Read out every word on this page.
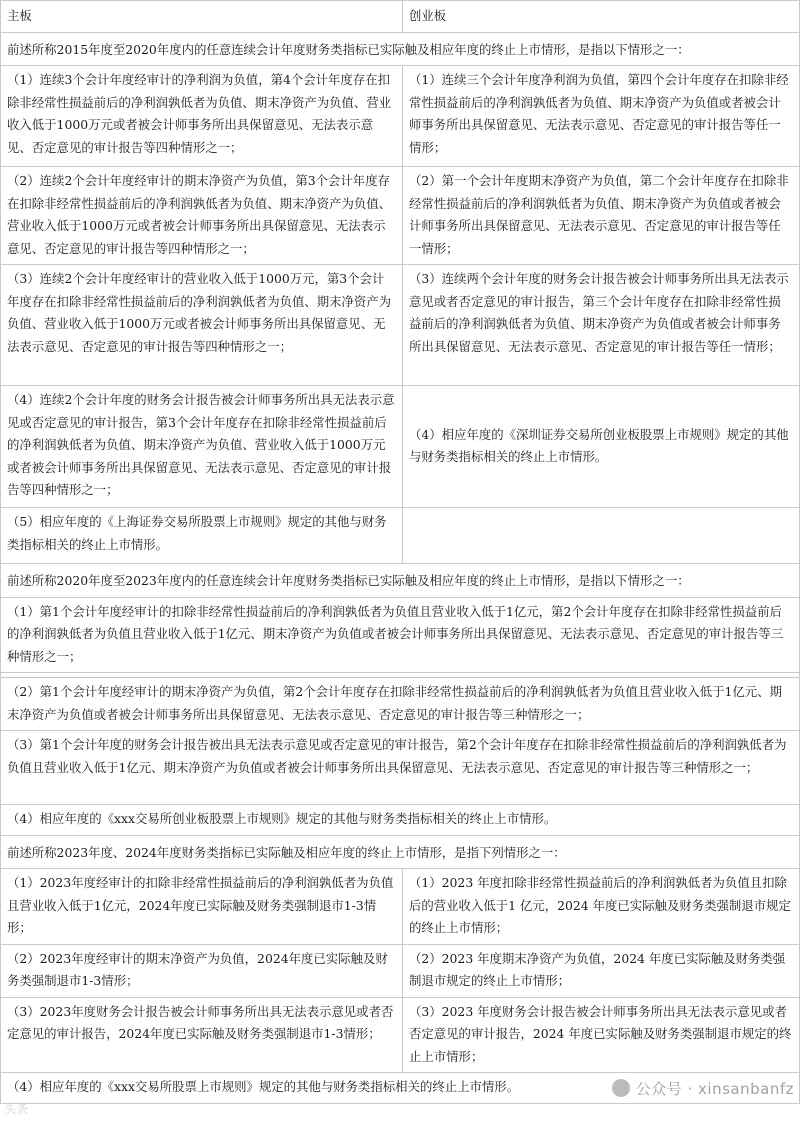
主板	创业板
前述所称2015年度至2020年度内的任意连续会计年度财务类指标已实际触及相应年度的终止上市情形，是指以下情形之一：	
（1）连续3个会计年度经审计的净利润为负值，第4个会计年度存在扣除非经常性损益前后的净利润孰低者为负值、期末净资产为负值、营业收入低于1000万元或者被会计师事务所出具保留意见、无法表示意见、否定意见的审计报告等四种情形之一；	（1）连续三个会计年度净利润为负值，第四个会计年度存在扣除非经常性损益前后的净利润孰低者为负值、期末净资产为负值或者被会计师事务所出具保留意见、无法表示意见、否定意见的审计报告等任一情形；
（2）连续2个会计年度经审计的期末净资产为负值，第3个会计年度存在扣除非经常性损益前后的净利润孰低者为负值、期末净资产为负值、营业收入低于1000万元或者被会计师事务所出具保留意见、无法表示意见、否定意见的审计报告等四种情形之一；	（2）第一个会计年度期末净资产为负值，第二个会计年度存在扣除非经常性损益前后的净利润孰低者为负值、期末净资产为负值或者被会计师事务所出具保留意见、无法表示意见、否定意见的审计报告等任一情形；
（3）连续2个会计年度经审计的营业收入低于1000万元，第3个会计年度存在扣除非经常性损益前后的净利润孰低者为负值、期末净资产为负值、营业收入低于1000万元或者被会计师事务所出具保留意见、无法表示意见、否定意见的审计报告等四种情形之一；	（3）连续两个会计年度的财务会计报告被会计师事务所出具无法表示意见或者否定意见的审计报告，第三个会计年度存在扣除非经常性损益前后的净利润孰低者为负值、期末净资产为负值或者被会计师事务所出具保留意见、无法表示意见、否定意见的审计报告等任一情形；
（4）连续2个会计年度的财务会计报告被会计师事务所出具无法表示意见或否定意见的审计报告，第3个会计年度存在扣除非经常性损益前后的净利润孰低者为负值、期末净资产为负值、营业收入低于1000万元或者被会计师事务所出具保留意见、无法表示意见、否定意见的审计报告等四种情形之一；	（4）相应年度的《深圳证券交易所创业板股票上市规则》规定的其他与财务类指标相关的终止上市情形。
（5）相应年度的《上海证券交易所股票上市规则》规定的其他与财务类指标相关的终止上市情形。	
前述所称2020年度至2023年度内的任意连续会计年度财务类指标已实际触及相应年度的终止上市情形，是指以下情形之一：	
（1）第1个会计年度经审计的扣除非经常性损益前后的净利润孰低者为负值且营业收入低于1亿元，第2个会计年度存在扣除非经常性损益前后的净利润孰低者为负值且营业收入低于1亿元、期末净资产为负值或者被会计师事务所出具保留意见、无法表示意见、否定意见的审计报告等三种情形之一；	

（2）第1个会计年度经审计的期末净资产为负值，第2个会计年度存在扣除非经常性损益前后的净利润孰低者为负值且营业收入低于1亿元、期末净资产为负值或者被会计师事务所出具保留意见、无法表示意见、否定意见的审计报告等三种情形之一；	
（3）第1个会计年度的财务会计报告被出具无法表示意见或否定意见的审计报告，第2个会计年度存在扣除非经常性损益前后的净利润孰低者为负值且营业收入低于1亿元、期末净资产为负值或者被会计师事务所出具保留意见、无法表示意见、否定意见的审计报告等三种情形之一；	
（4）相应年度的《xxx交易所创业板股票上市规则》规定的其他与财务类指标相关的终止上市情形。	
前述所称2023年度、2024年度财务类指标已实际触及相应年度的终止上市情形，是指下列情形之一：	
（1）2023年度经审计的扣除非经常性损益前后的净利润孰低者为负值且营业收入低于1亿元，2024年度已实际触及财务类强制退市1-3情形；	（1）2023 年度扣除非经常性损益前后的净利润孰低者为负值且扣除后的营业收入低于1 亿元，2024 年度已实际触及财务类强制退市规定的终止上市情形；
（2）2023年度经审计的期末净资产为负值，2024年度已实际触及财务类强制退市1-3情形；	（2）2023 年度期末净资产为负值，2024 年度已实际触及财务类强制退市规定的终止上市情形；
（3）2023年度财务会计报告被会计师事务所出具无法表示意见或者否定意见的审计报告，2024年度已实际触及财务类强制退市1-3情形；	（3）2023 年度财务会计报告被会计师事务所出具无法表示意见或者否定意见的审计报告，2024 年度已实际触及财务类强制退市规定的终止上市情形；
（4）相应年度的《xxx交易所股票上市规则》规定的其他与财务类指标相关的终止上市情形。		公众号 · xinsanbanfz
头条
